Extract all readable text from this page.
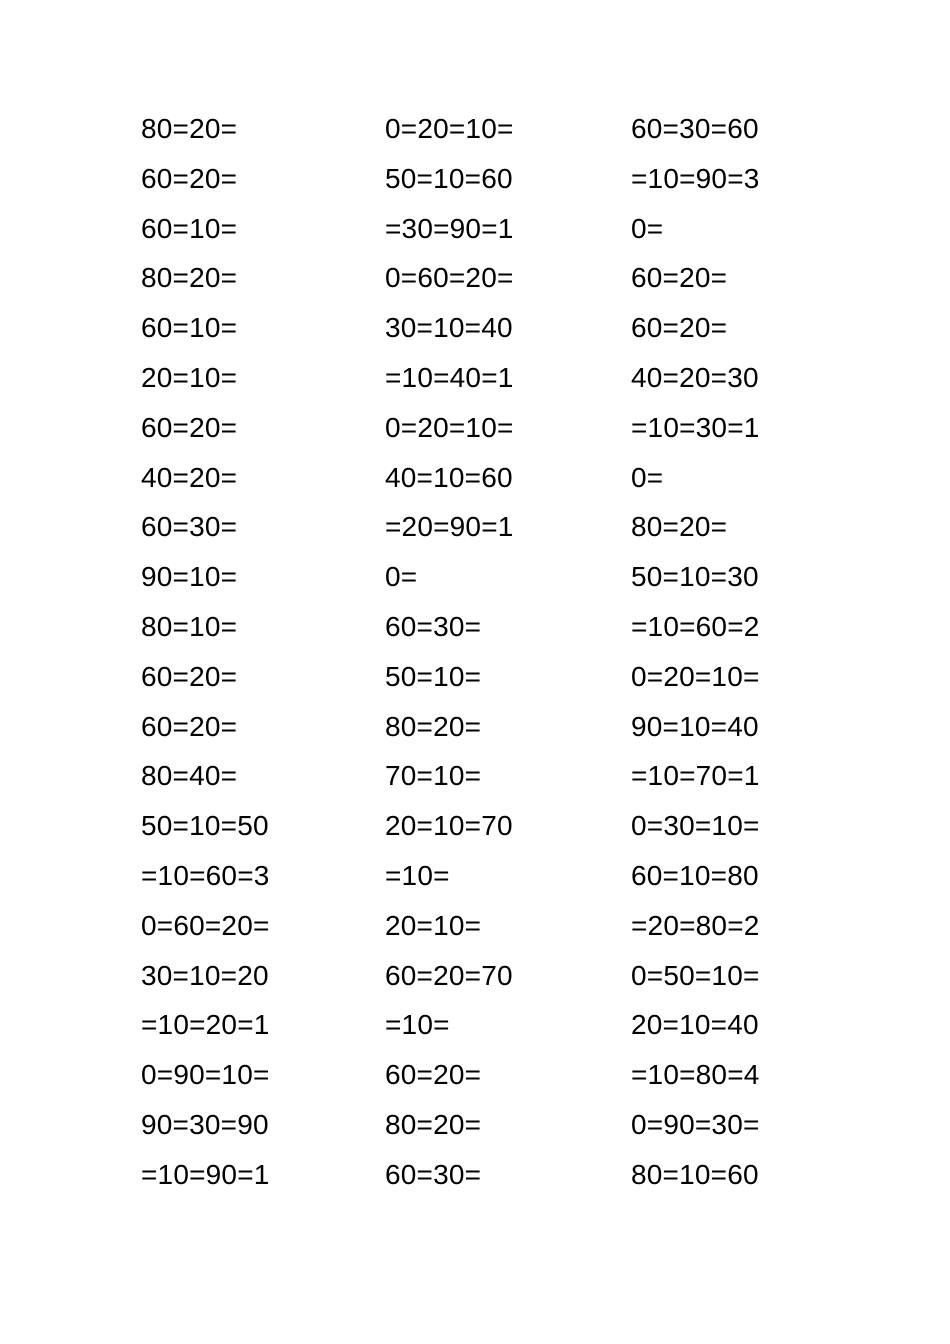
80=20=
60=20=
60=10=
80=20=
60=10=
20=10=
60=20=
40=20=
60=30=
90=10=
80=10=
60=20=
60=20=
80=40=
50=10=50
=10=60=3
0=60=20=
30=10=20
=10=20=1
0=90=10=
90=30=90
=10=90=1
0=20=10=
50=10=60
=30=90=1
0=60=20=
30=10=40
=10=40=1
0=20=10=
40=10=60
=20=90=1
0=
60=30=
50=10=
80=20=
70=10=
20=10=70
=10=
20=10=
60=20=70
=10=
60=20=
80=20=
60=30=
60=30=60
=10=90=3
0=
60=20=
60=20=
40=20=30
=10=30=1
0=
80=20=
50=10=30
=10=60=2
0=20=10=
90=10=40
=10=70=1
0=30=10=
60=10=80
=20=80=2
0=50=10=
20=10=40
=10=80=4
0=90=30=
80=10=60
